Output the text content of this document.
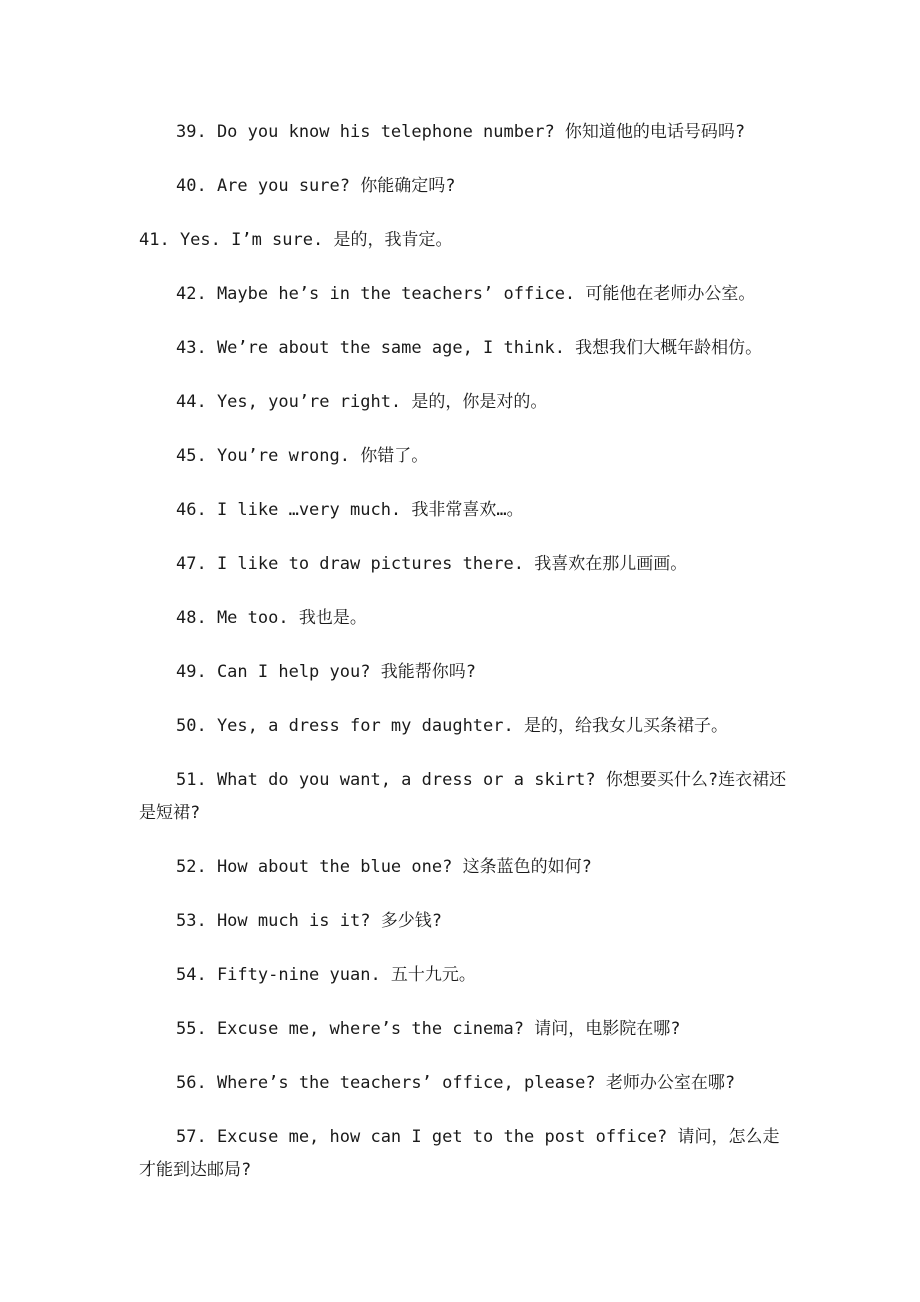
39. Do you know his telephone number? 你知道他的电话号码吗?

40. Are you sure? 你能确定吗?

41. Yes. I’m sure. 是的，我肯定。

42. Maybe he’s in the teachers’ office. 可能他在老师办公室。

43. We’re about the same age, I think. 我想我们大概年龄相仿。

44. Yes, you’re right. 是的，你是对的。

45. You’re wrong. 你错了。

46. I like …very much. 我非常喜欢…。

47. I like to draw pictures there. 我喜欢在那儿画画。

48. Me too. 我也是。

49. Can I help you? 我能帮你吗?

50. Yes, a dress for my daughter. 是的，给我女儿买条裙子。

51. What do you want, a dress or a skirt? 你想要买什么?连衣裙还是短裙?

52. How about the blue one? 这条蓝色的如何?

53. How much is it? 多少钱?

54. Fifty-nine yuan. 五十九元。

55. Excuse me, where’s the cinema? 请问，电影院在哪?

56. Where’s the teachers’ office, please? 老师办公室在哪?

57. Excuse me, how can I get to the post office? 请问，怎么走才能到达邮局?
